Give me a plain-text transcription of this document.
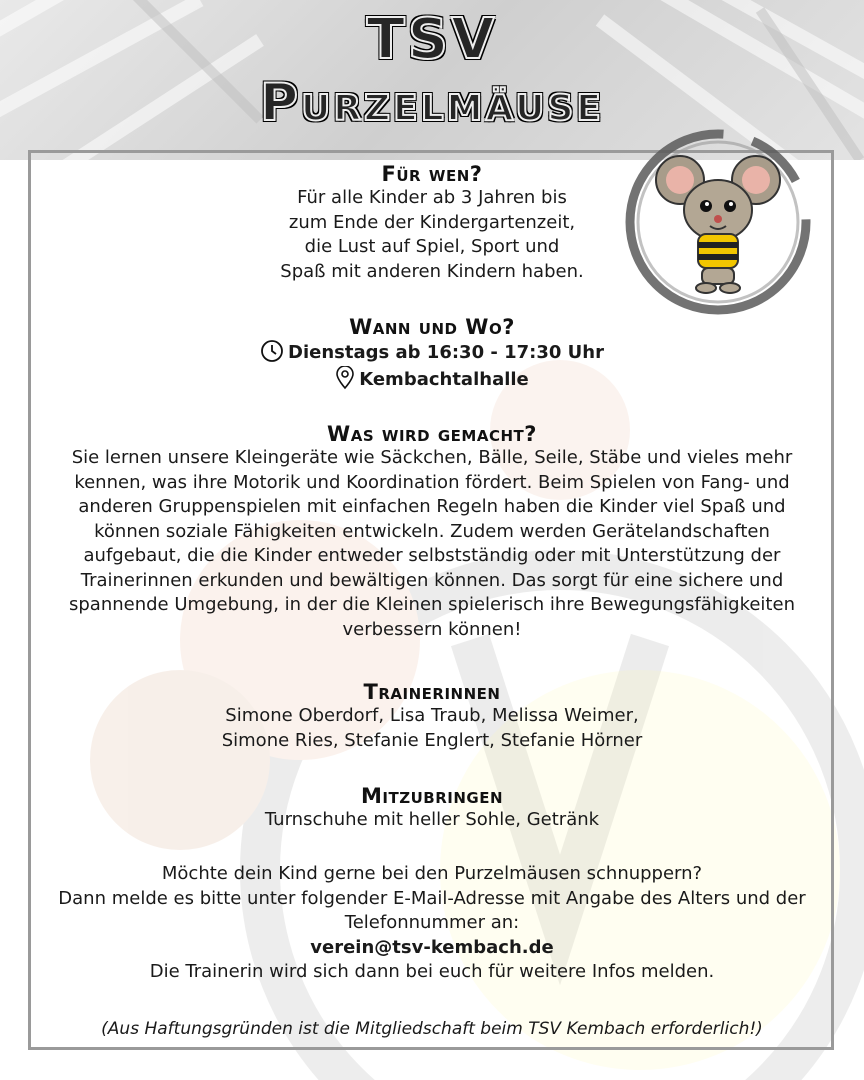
TSV
Purzelmäuse
Für wen?
Für alle Kinder ab 3 Jahren bis
zum Ende der Kindergartenzeit,
die Lust auf Spiel, Sport und
Spaß mit anderen Kindern haben.
Wann und Wo?
Dienstags ab 16:30 - 17:30 Uhr
Kembachtalhalle
Was wird gemacht?
Sie lernen unsere Kleingeräte wie Säckchen, Bälle, Seile, Stäbe und vieles mehr
kennen, was ihre Motorik und Koordination fördert. Beim Spielen von Fang- und
anderen Gruppenspielen mit einfachen Regeln haben die Kinder viel Spaß und
können soziale Fähigkeiten entwickeln. Zudem werden Gerätelandschaften
aufgebaut, die die Kinder entweder selbstständig oder mit Unterstützung der
Trainerinnen erkunden und bewältigen können. Das sorgt für eine sichere und
spannende Umgebung, in der die Kleinen spielerisch ihre Bewegungsfähigkeiten
verbessern können!
Trainerinnen
Simone Oberdorf, Lisa Traub, Melissa Weimer,
Simone Ries, Stefanie Englert, Stefanie Hörner
Mitzubringen
Turnschuhe mit heller Sohle, Getränk
Möchte dein Kind gerne bei den Purzelmäusen schnuppern?
Dann melde es bitte unter folgender E-Mail-Adresse mit Angabe des Alters und der
Telefonnummer an:
verein@tsv-kembach.de
Die Trainerin wird sich dann bei euch für weitere Infos melden.
(Aus Haftungsgründen ist die Mitgliedschaft beim TSV Kembach erforderlich!)
